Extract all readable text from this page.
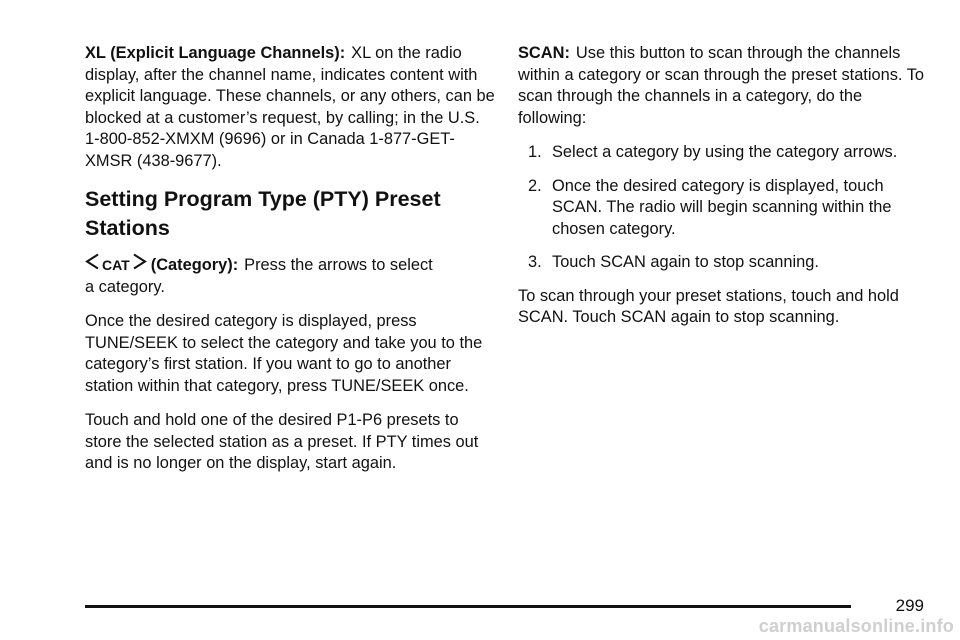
XL (Explicit Language Channels): XL on the radio display, after the channel name, indicates content with explicit language. These channels, or any others, can be blocked at a customer’s request, by calling; in the U.S. 1-800-852-XMXM (9696) or in Canada 1-877-GET-XMSR (438-9677).

Setting Program Type (PTY) Preset Stations

CAT (Category): Press the arrows to select
a category.

Once the desired category is displayed, press TUNE/SEEK to select the category and take you to the category’s first station. If you want to go to another station within that category, press TUNE/SEEK once.

Touch and hold one of the desired P1-P6 presets to store the selected station as a preset. If PTY times out and is no longer on the display, start again.

SCAN: Use this button to scan through the channels within a category or scan through the preset stations. To scan through the channels in a category, do the following:

1. Select a category by using the category arrows.
2. Once the desired category is displayed, touch SCAN. The radio will begin scanning within the chosen category.
3. Touch SCAN again to stop scanning.

To scan through your preset stations, touch and hold SCAN. Touch SCAN again to stop scanning.

299
carmanualsonline.info
